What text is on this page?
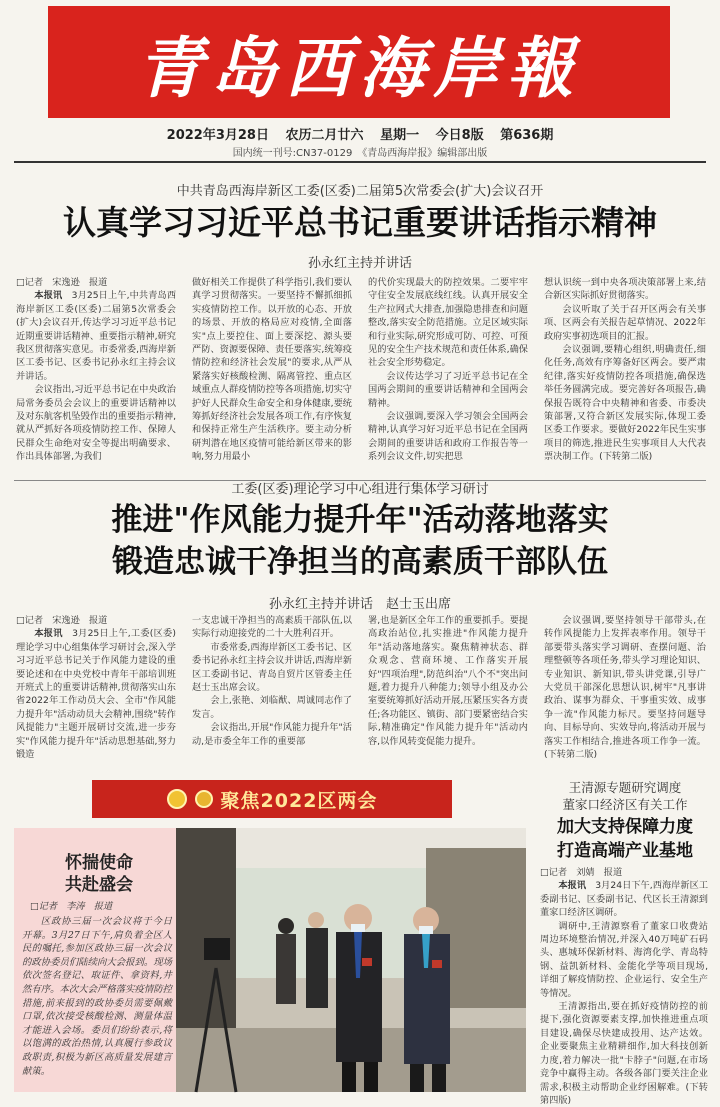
青岛西海岸報
2022年3月28日 农历二月廿六 星期一 今日8版 第636期
国内统一刊号:CN37-0129　《青岛西海岸报》编辑部出版
中共青岛西海岸新区工委(区委)二届第5次常委会(扩大)会议召开
认真学习习近平总书记重要讲话指示精神
孙永红主持并讲话

□记者　宋逸逊　报道

本报讯　 3月25日上午,中共青岛西海岸新区工委(区委)二届第5次常委会(扩大)会议召开,传达学习习近平总书记近期重要讲话精神、重要指示精神,研究我区贯彻落实意见。市委常委,西海岸新区工委书记、区委书记孙永红主持会议并讲话。

会议指出,习近平总书记在中央政治局常务委员会会议上的重要讲话精神以及对东航客机坠毁作出的重要指示精神,就从严抓好各项疫情防控工作、保障人民群众生命绝对安全等提出明确要求、作出具体部署,为我们

做好相关工作提供了科学指引,我们要认真学习贯彻落实。一要坚持不懈抓细抓实疫情防控工作。以开放的心态、开放的场景、开放的格局应对疫情,全面落实"点上要控住、面上要深挖、源头要严防、资源要保障、责任要落实,统筹疫情防控和经济社会发展"的要求,从严从紧落实好核酸检测、隔离管控、重点区域重点人群疫情防控等各项措施,切实守护好人民群众生命安全和身体健康,要统筹抓好经济社会发展各项工作,有序恢复和保持正常生产生活秩序。要主动分析研判潜在地区疫情可能给新区带来的影响,努力用最小

的代价实现最大的防控效果。二要牢牢守住安全发展底线红线。认真开展安全生产拉网式大排查,加强隐患排查和问题整改,落实安全防范措施。立足区域实际和行业实际,研究形成可防、可控、可预见的安全生产技术规范和责任体系,确保社会安全形势稳定。

会议传达学习了习近平总书记在全国两会期间的重要讲话精神和全国两会精神。

会议强调,要深入学习领会全国两会精神,认真学习好习近平总书记在全国两会期间的重要讲话和政府工作报告等一系列会议文件,切实把思

想认识统一到中央各项决策部署上来,结合新区实际抓好贯彻落实。

会议听取了关于召开区两会有关事项、区两会有关报告起草情况、2022年政府实事初选项目的汇报。

会议强调,要精心组织,明确责任,细化任务,高效有序筹备好区两会。要严肃纪律,落实好疫情防控各项措施,确保选举任务圆满完成。要完善好各项报告,确保报告既符合中央精神和省委、市委决策部署,又符合新区发展实际,体现工委区委工作要求。要做好2022年民生实事项目的筛选,推进民生实事项目人大代表票决制工作。(下转第二版)

工委(区委)理论学习中心组进行集体学习研讨
推进"作风能力提升年"活动落地落实
锻造忠诚干净担当的高素质干部队伍
孙永红主持并讲话　赵士玉出席

□记者　宋逸逊　报道

本报讯　 3月25日上午,工委(区委)理论学习中心组集体学习研讨会,深入学习习近平总书记关于作风能力建设的重要论述和在中央党校中青年干部培训班开班式上的重要讲话精神,贯彻落实山东省2022年工作动员大会、全市"作风能力提升年"活动动员大会精神,围绕"转作风提能力"主题开展研讨交流,进一步夯实"作风能力提升年"活动思想基础,努力锻造

一支忠诚干净担当的高素质干部队伍,以实际行动迎接党的二十大胜利召开。

市委常委,西海岸新区工委书记、区委书记孙永红主持会议并讲话,西海岸新区工委副书记、青岛自贸片区管委主任赵士玉出席会议。

会上,张艳、刘临猷、周诚同志作了发言。

会议指出,开展"作风能力提升年"活动,是市委全年工作的重要部

署,也是新区全年工作的重要抓手。要提高政治站位,扎实推进"作风能力提升年"活动落地落实。聚焦精神状态、群众观念、营商环境、工作落实开展好"四项治理",防范纠治"八个不"突出问题,着力提升八种能力;领导小组及办公室要统筹抓好活动开展,压紧压实各方责任;各功能区、镇街、部门要紧密结合实际,精准确定"作风能力提升年"活动内容,以作风转变促能力提升。

会议强调,要坚持领导干部带头,在转作风提能力上发挥表率作用。领导干部要带头落实学习调研、查摆问题、治理整顿等各项任务,带头学习理论知识、专业知识、新知识,带头讲党课,引导广大党员干部深化思想认识,树牢"凡事讲政治、谋事为群众、干事重实效、成事争一流"作风能力标尺。要坚持问题导向、目标导向、实效导向,将活动开展与落实工作相结合,推进各项工作争一流。(下转第二版)

聚焦2022区两会
怀揣使命
共赴盛会
□记者　李涛　报道
区政协三届一次会议将于今日开幕。3月27日下午,肩负着全区人民的嘱托,参加区政协三届一次会议的政协委员们陆续向大会报到。现场依次签名登记、取证件、拿资料,井然有序。本次大会严格落实疫情防控措施,前来报到的政协委员需要佩戴口罩,依次接受核酸检测、测量体温才能进入会场。委员们纷纷表示,将以饱满的政治热情,认真履行参政议政职责,积极为新区高质量发展建言献策。
王清源专题研究调度
董家口经济区有关工作
加大支持保障力度
打造高端产业基地

□记者　刘婧　报道

本报讯　 3月24日下午,西海岸新区工委副书记、区委副书记、代区长王清源到董家口经济区调研。

调研中,王清源察看了董家口收费站周边环境整治情况,并深入40万吨矿石码头、惠城环保新材料、海湾化学、青岛特钢、益凯新材料、金能化学等项目现场,详细了解疫情防控、企业运行、安全生产等情况。

王清源指出,要在抓好疫情防控的前提下,强化资源要素支撑,加快推进重点项目建设,确保尽快建成投用、达产达效。企业要聚焦主业精耕细作,加大科技创新力度,着力解决一批"卡脖子"问题,在市场竞争中赢得主动。各级各部门要关注企业需求,积极主动帮助企业纾困解难。(下转第四版)
